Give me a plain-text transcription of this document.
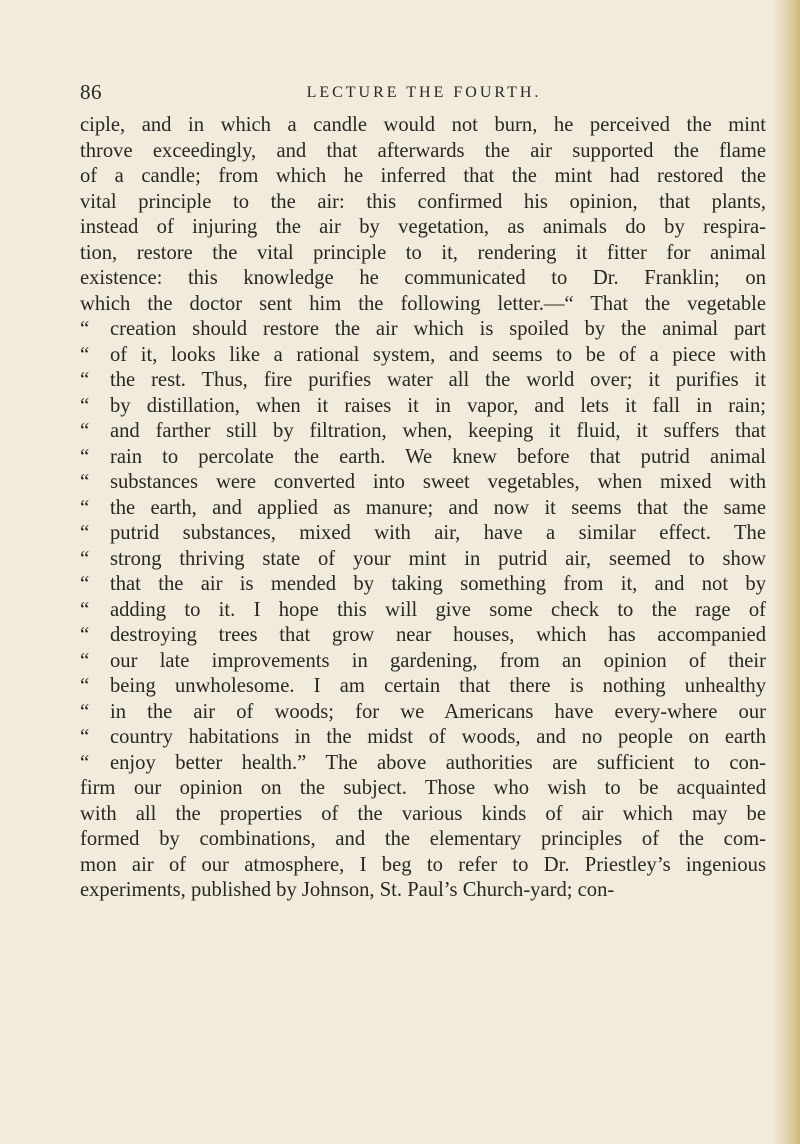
86	LECTURE THE FOURTH.
ciple, and in which a candle would not burn, he perceived the mint
throve exceedingly, and that afterwards the air supported the flame
of a candle; from which he inferred that the mint had restored the
vital principle to the air: this confirmed his opinion, that plants,
instead of injuring the air by vegetation, as animals do by respira-
tion, restore the vital principle to it, rendering it fitter for animal
existence: this knowledge he communicated to Dr. Franklin; on
which the doctor sent him the following letter.—“ That the vegetable
“ creation should restore the air which is spoiled by the animal part
“ of it, looks like a rational system, and seems to be of a piece with
“ the rest. Thus, fire purifies water all the world over; it purifies it
“ by distillation, when it raises it in vapor, and lets it fall in rain;
“ and farther still by filtration, when, keeping it fluid, it suffers that
“ rain to percolate the earth. We knew before that putrid animal
“ substances were converted into sweet vegetables, when mixed with
“ the earth, and applied as manure; and now it seems that the same
“ putrid substances, mixed with air, have a similar effect. The
“ strong thriving state of your mint in putrid air, seemed to show
“ that the air is mended by taking something from it, and not by
“ adding to it. I hope this will give some check to the rage of
“ destroying trees that grow near houses, which has accompanied
“ our late improvements in gardening, from an opinion of their
“ being unwholesome. I am certain that there is nothing unhealthy
“ in the air of woods; for we Americans have every-where our
“ country habitations in the midst of woods, and no people on earth
“ enjoy better health.” The above authorities are sufficient to con-
firm our opinion on the subject. Those who wish to be acquainted
with all the properties of the various kinds of air which may be
formed by combinations, and the elementary principles of the com-
mon air of our atmosphere, I beg to refer to Dr. Priestley’s ingenious
experiments, published by Johnson, St. Paul’s Church-yard; con-
